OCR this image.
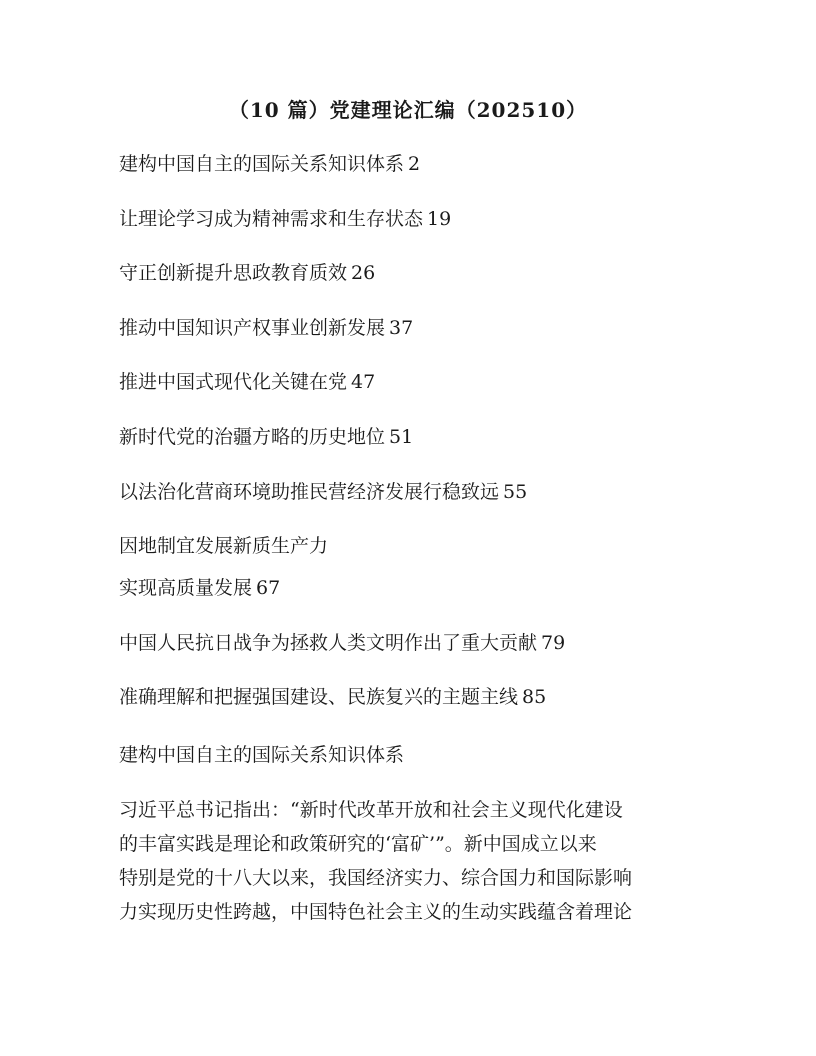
（10 篇）党建理论汇编（202510）
建构中国自主的国际关系知识体系 2
让理论学习成为精神需求和生存状态 19
守正创新提升思政教育质效 26
推动中国知识产权事业创新发展 37
推进中国式现代化关键在党 47
新时代党的治疆方略的历史地位 51
以法治化营商环境助推民营经济发展行稳致远 55
因地制宜发展新质生产力
实现高质量发展 67
中国人民抗日战争为拯救人类文明作出了重大贡献 79
准确理解和把握强国建设、民族复兴的主题主线 85
建构中国自主的国际关系知识体系

习近平总书记指出：“新时代改革开放和社会主义现代化建设
的丰富实践是理论和政策研究的‘富矿’”。新中国成立以来
特别是党的十八大以来，我国经济实力、综合国力和国际影响
力实现历史性跨越，中国特色社会主义的生动实践蕴含着理论
